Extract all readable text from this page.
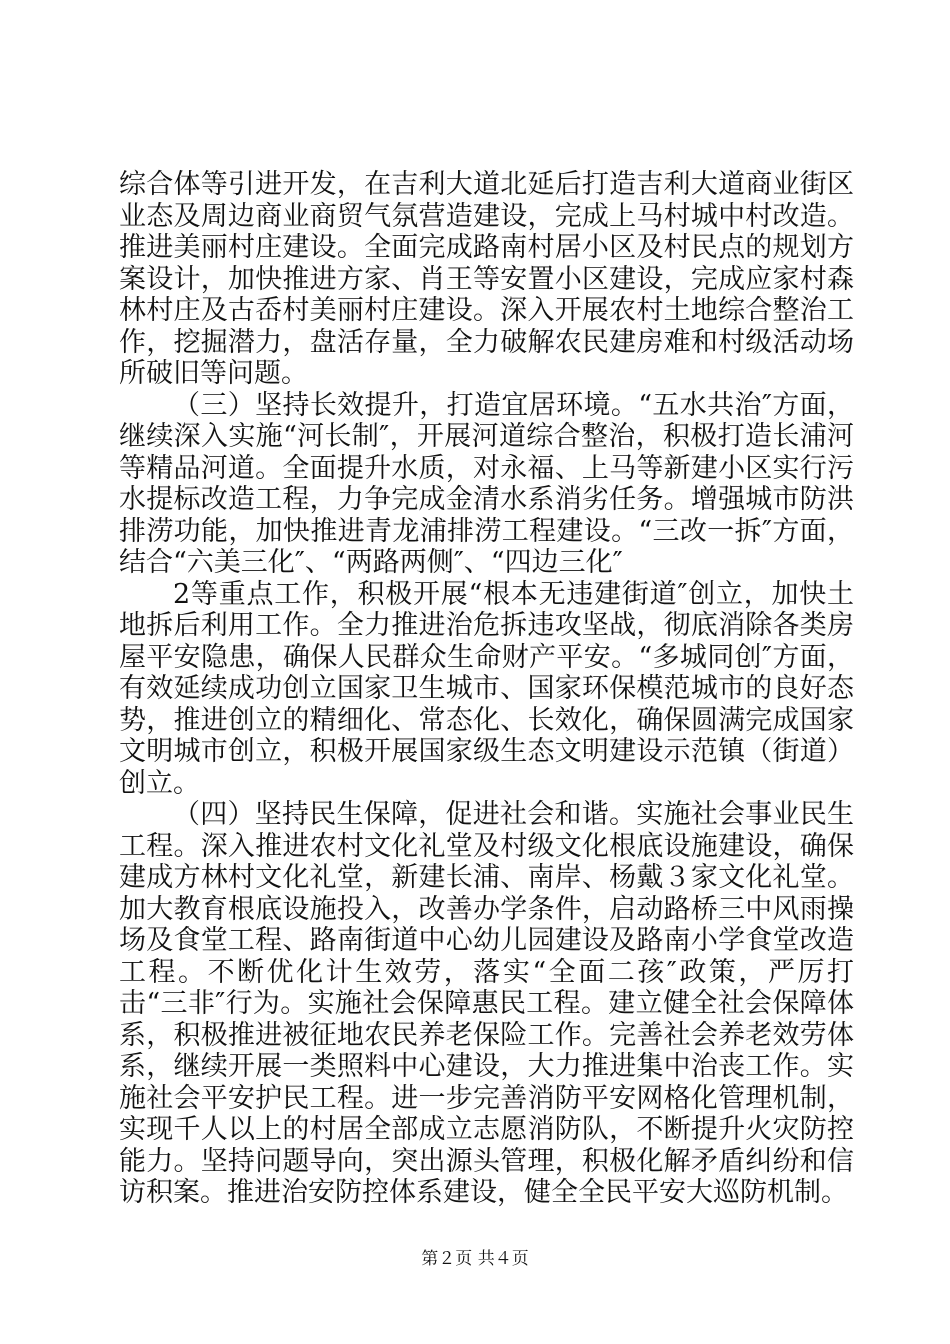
综合体等引进开发，在吉利大道北延后打造吉利大道商业街区业态及周边商业商贸气氛营造建设，完成上马村城中村改造。推进美丽村庄建设。全面完成路南村居小区及村民点的规划方案设计，加快推进方家、肖王等安置小区建设，完成应家村森林村庄及古岙村美丽村庄建设。深入开展农村土地综合整治工作，挖掘潜力，盘活存量，全力破解农民建房难和村级活动场所破旧等问题。

（三）坚持长效提升，打造宜居环境。“五水共治″方面，继续深入实施“河长制″，开展河道综合整治，积极打造长浦河等精品河道。全面提升水质，对永福、上马等新建小区实行污水提标改造工程，力争完成金清水系消劣任务。增强城市防洪排涝功能，加快推进青龙浦排涝工程建设。“三改一拆″方面，结合“六美三化″、“两路两侧″、“四边三化″

2等重点工作，积极开展“根本无违建街道″创立，加快土地拆后利用工作。全力推进治危拆违攻坚战，彻底消除各类房屋平安隐患，确保人民群众生命财产平安。“多城同创″方面，有效延续成功创立国家卫生城市、国家环保模范城市的良好态势，推进创立的精细化、常态化、长效化，确保圆满完成国家文明城市创立，积极开展国家级生态文明建设示范镇（街道）创立。

（四）坚持民生保障，促进社会和谐。实施社会事业民生工程。深入推进农村文化礼堂及村级文化根底设施建设，确保建成方林村文化礼堂，新建长浦、南岸、杨戴３家文化礼堂。加大教育根底设施投入，改善办学条件，启动路桥三中风雨操场及食堂工程、路南街道中心幼儿园建设及路南小学食堂改造工程。不断优化计生效劳，落实“全面二孩″政策，严厉打击“三非″行为。实施社会保障惠民工程。建立健全社会保障体系，积极推进被征地农民养老保险工作。完善社会养老效劳体系，继续开展一类照料中心建设，大力推进集中治丧工作。实施社会平安护民工程。进一步完善消防平安网格化管理机制，实现千人以上的村居全部成立志愿消防队，不断提升火灾防控能力。坚持问题导向，突出源头管理，积极化解矛盾纠纷和信访积案。推进治安防控体系建设，健全全民平安大巡防机制。

第２页 共４页
